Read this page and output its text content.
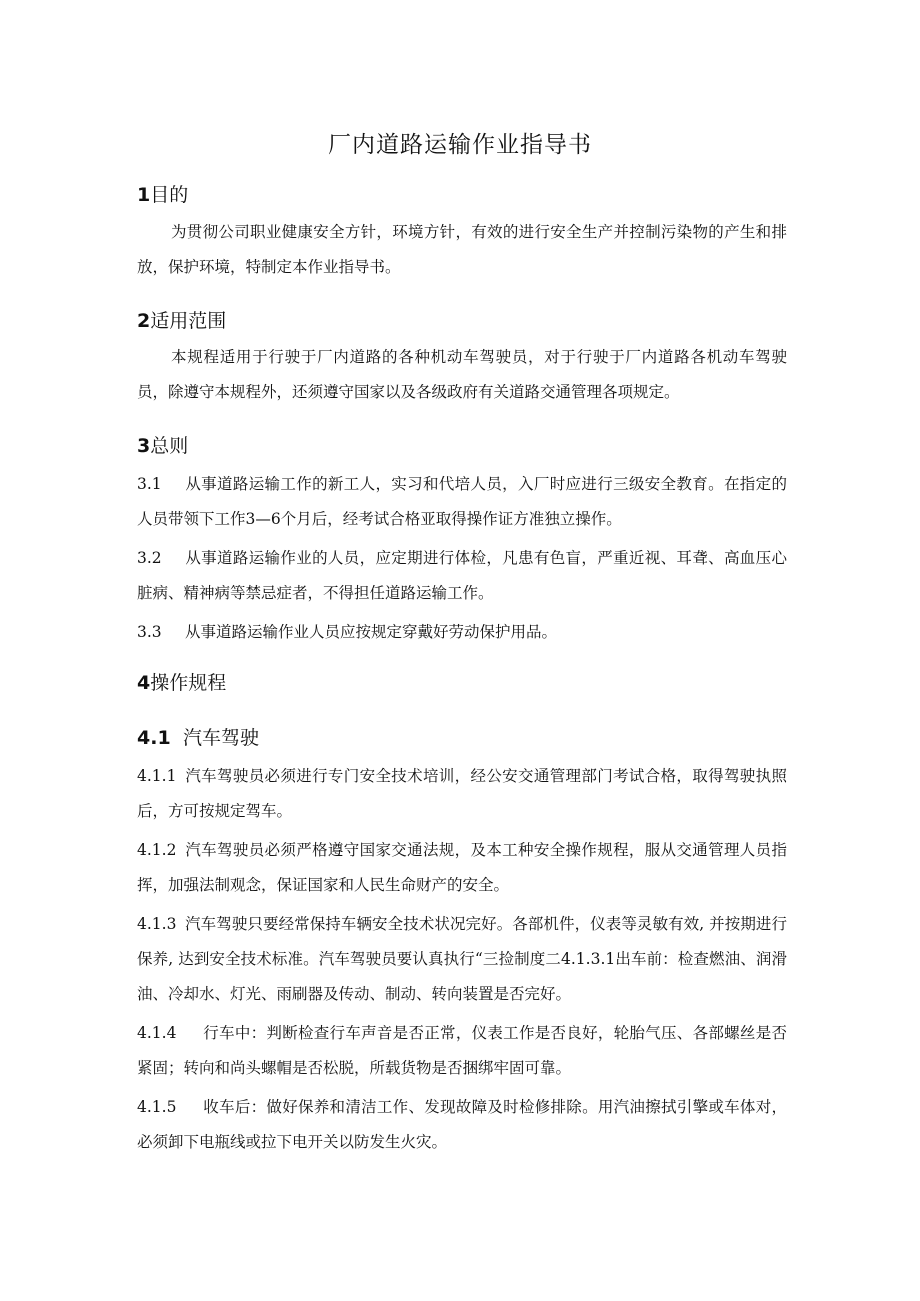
厂内道路运输作业指导书
1目的
为贯彻公司职业健康安全方针，环境方针，有效的进行安全生产并控制污染物的产生和排放，保护环境，特制定本作业指导书。
2适用范围
本规程适用于行驶于厂内道路的各种机动车驾驶员，对于行驶于厂内道路各机动车驾驶员，除遵守本规程外，还须遵守国家以及各级政府有关道路交通管理各项规定。
3总则
3.1 从事道路运输工作的新工人，实习和代培人员，入厂时应进行三级安全教育。在指定的人员带领下工作3—6个月后，经考试合格亚取得操作证方准独立操作。
3.2 从事道路运输作业的人员，应定期进行体检，凡患有色盲，严重近视、耳聋、高血压心脏病、精神病等禁忌症者，不得担任道路运输工作。
3.3 从事道路运输作业人员应按规定穿戴好劳动保护用品。
4操作规程
4.1 汽车驾驶
4.1.1 汽车驾驶员必须进行专门安全技术培训，经公安交通管理部门考试合格，取得驾驶执照后，方可按规定驾车。
4.1.2 汽车驾驶员必须严格遵守国家交通法规，及本工种安全操作规程，服从交通管理人员指挥，加强法制观念，保证国家和人民生命财产的安全。
4.1.3 汽车驾驶只要经常保持车辆安全技术状况完好。各部机件，仪表等灵敏有效, 并按期进行保养, 达到安全技术标准。汽车驾驶员要认真执行“三捡制度二4.1.3.1出车前：检查燃油、润滑油、冷却水、灯光、雨刷器及传动、制动、转向装置是否完好。
4.1.4 行车中：判断检查行车声音是否正常，仪表工作是否良好，轮胎气压、各部螺丝是否紧固；转向和尚头螺帽是否松脱，所载货物是否捆绑牢固可靠。
4.1.5 收车后：做好保养和清洁工作、发现故障及时检修排除。用汽油擦拭引擎或车体对，必须卸下电瓶线或拉下电开关以防发生火灾。
